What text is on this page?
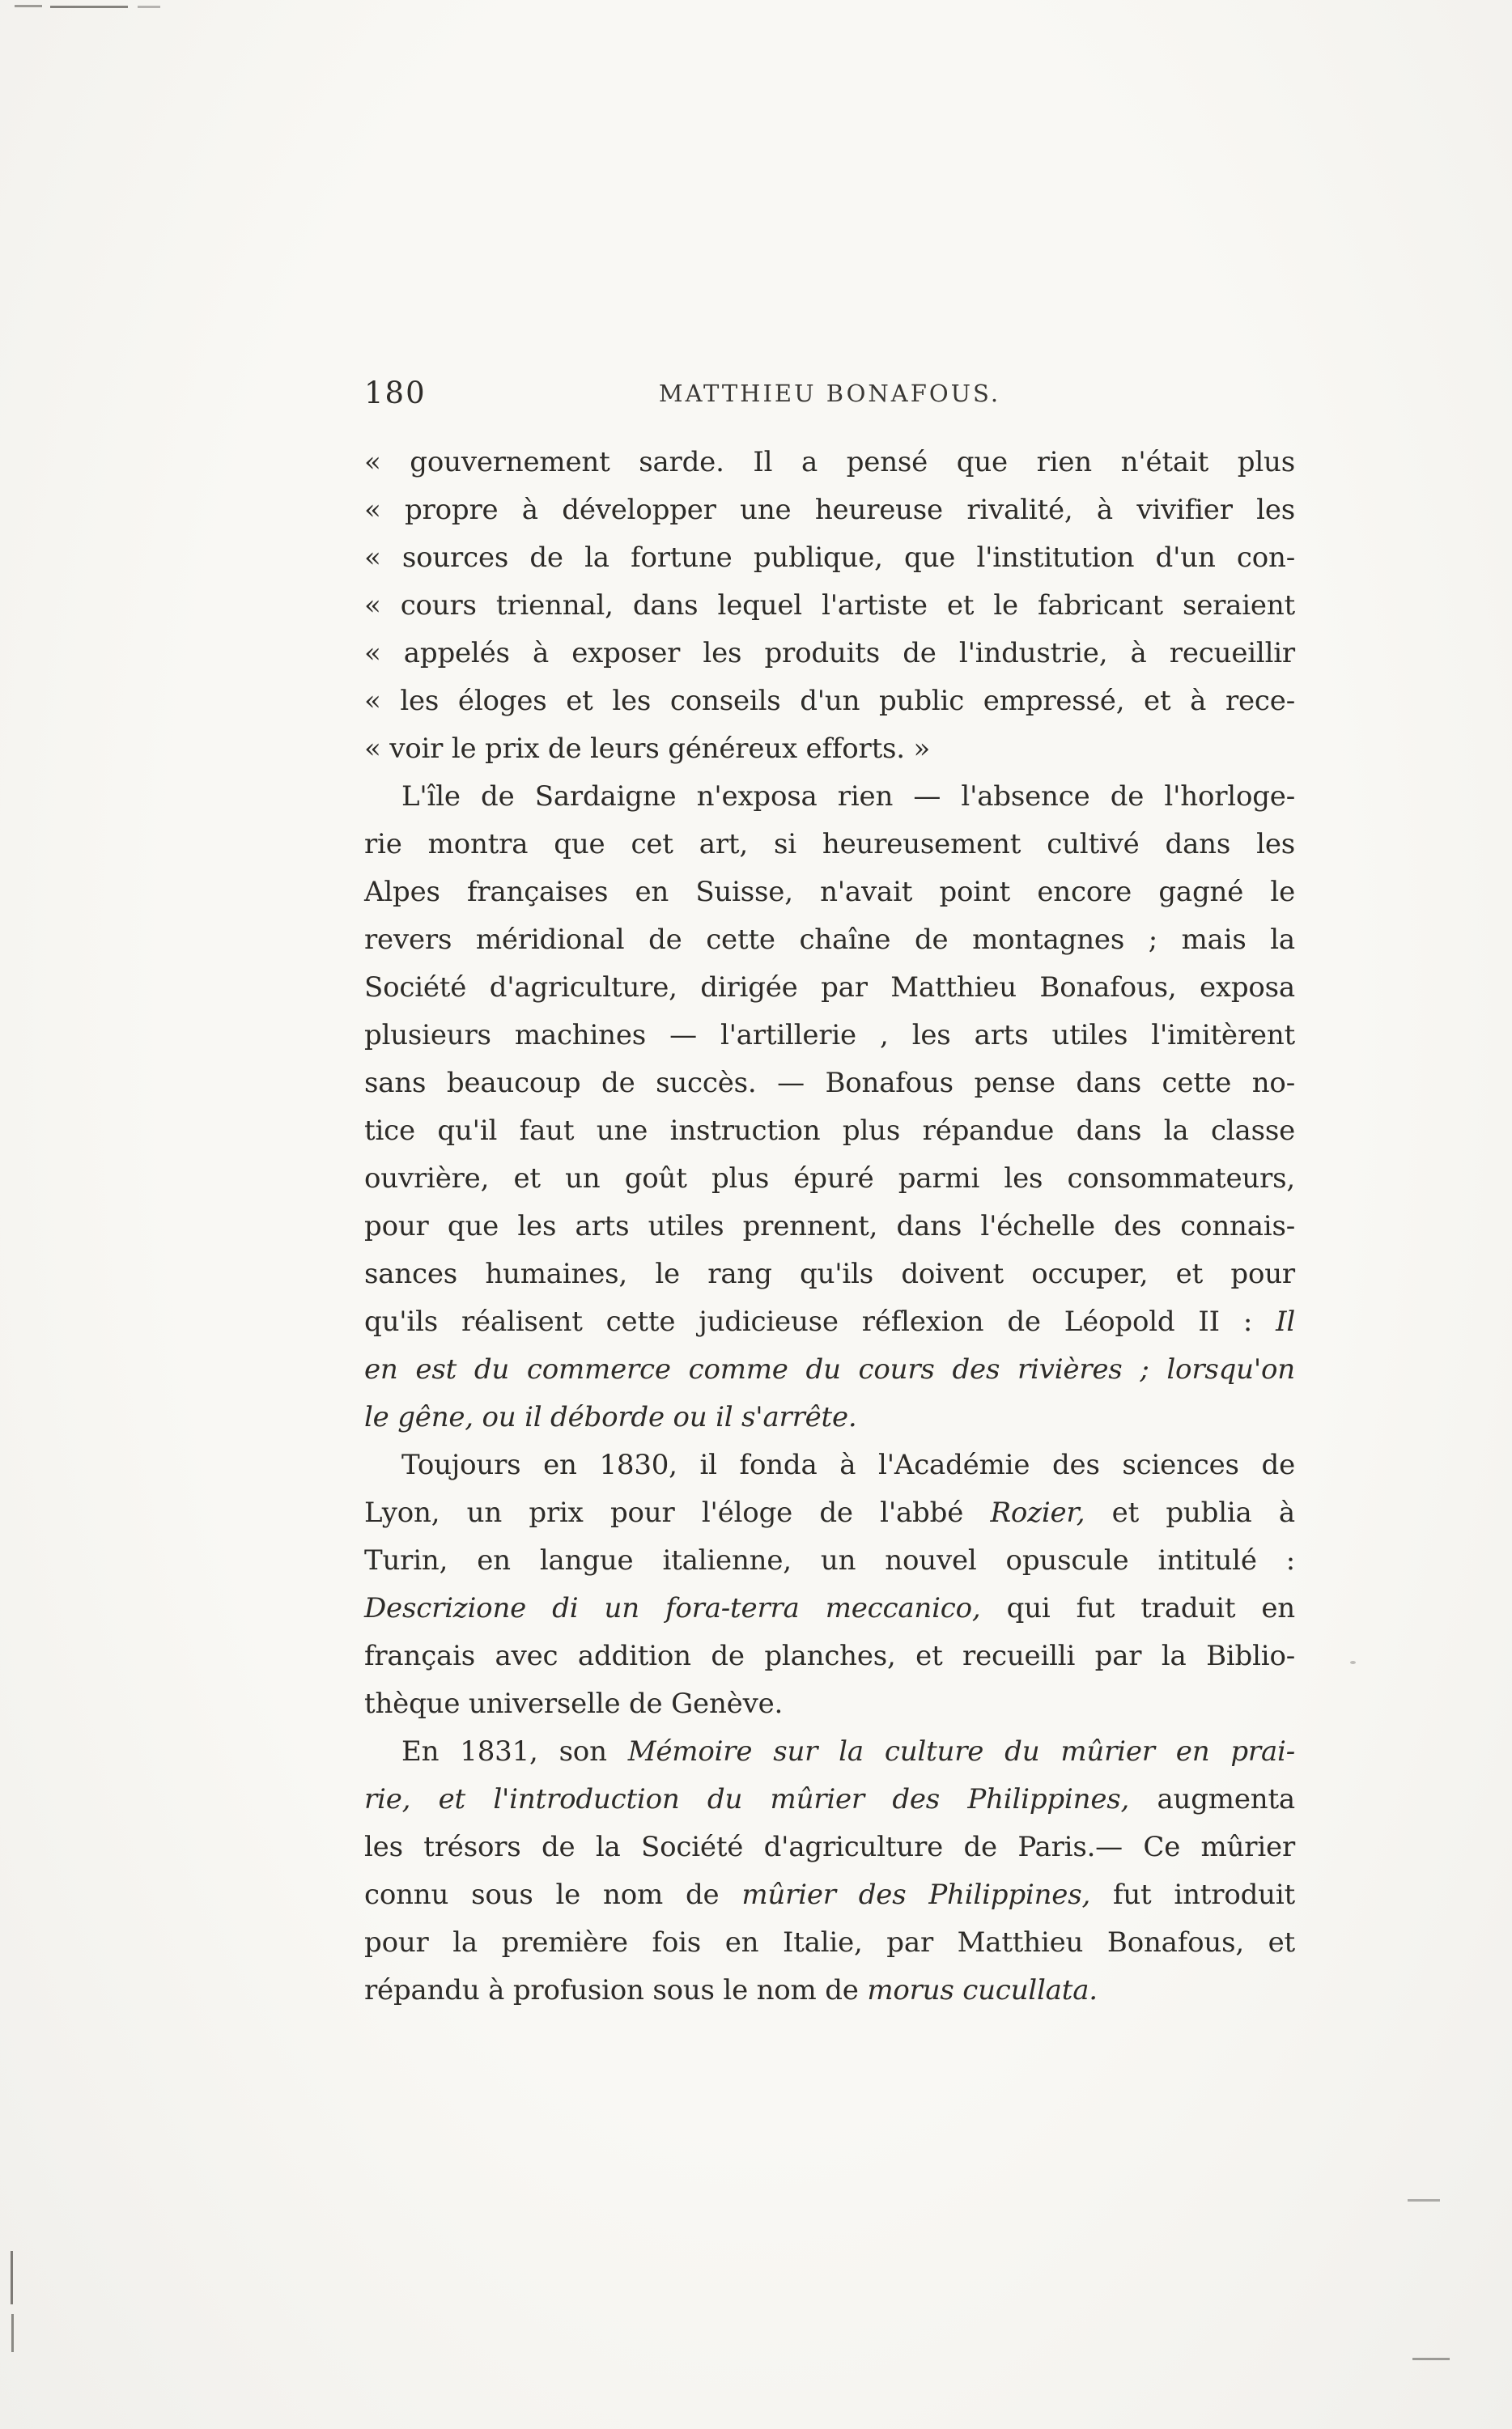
180	MATTHIEU BONAFOUS.
« gouvernement sarde. Il a pensé que rien n'était plus
« propre à développer une heureuse rivalité, à vivifier les
« sources de la fortune publique, que l'institution d'un con-
« cours triennal, dans lequel l'artiste et le fabricant seraient
« appelés à exposer les produits de l'industrie, à recueillir
« les éloges et les conseils d'un public empressé, et à rece-
« voir le prix de leurs généreux efforts. »
L'île de Sardaigne n'exposa rien — l'absence de l'horloge-
rie montra que cet art, si heureusement cultivé dans les
Alpes françaises en Suisse, n'avait point encore gagné le
revers méridional de cette chaîne de montagnes ; mais la
Société d'agriculture, dirigée par Matthieu Bonafous, exposa
plusieurs machines — l'artillerie , les arts utiles l'imitèrent
sans beaucoup de succès. — Bonafous pense dans cette no-
tice qu'il faut une instruction plus répandue dans la classe
ouvrière, et un goût plus épuré parmi les consommateurs,
pour que les arts utiles prennent, dans l'échelle des connais-
sances humaines, le rang qu'ils doivent occuper, et pour
qu'ils réalisent cette judicieuse réflexion de Léopold II : Il
en est du commerce comme du cours des rivières ; lorsqu'on
le gêne, ou il déborde ou il s'arrête.
Toujours en 1830, il fonda à l'Académie des sciences de
Lyon, un prix pour l'éloge de l'abbé Rozier, et publia à
Turin, en langue italienne, un nouvel opuscule intitulé :
Descrizione di un fora-terra meccanico, qui fut traduit en
français avec addition de planches, et recueilli par la Biblio-
thèque universelle de Genève.
En 1831, son Mémoire sur la culture du mûrier en prai-
rie, et l'introduction du mûrier des Philippines, augmenta
les trésors de la Société d'agriculture de Paris.— Ce mûrier
connu sous le nom de mûrier des Philippines, fut introduit
pour la première fois en Italie, par Matthieu Bonafous, et
répandu à profusion sous le nom de morus cucullata.
